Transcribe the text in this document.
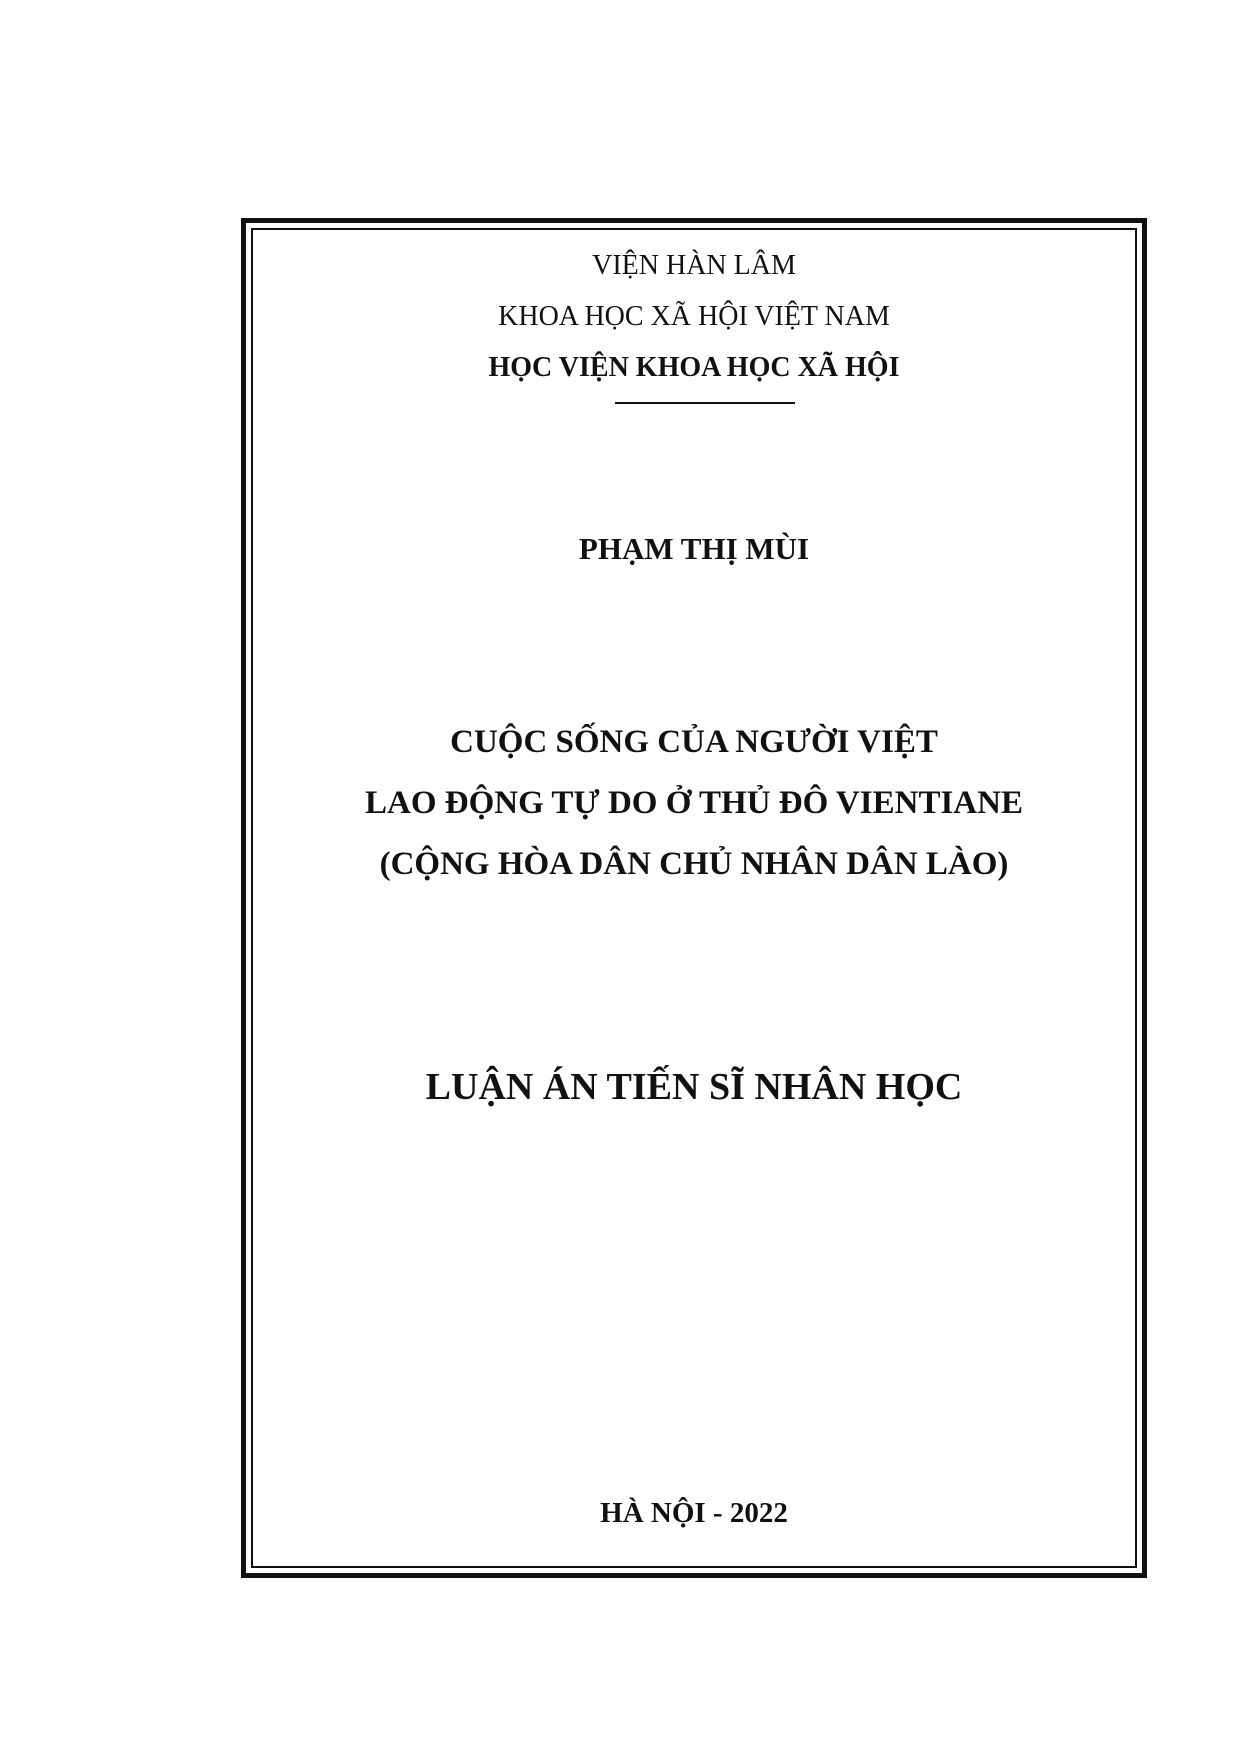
VIỆN HÀN LÂM
KHOA HỌC XÃ HỘI VIỆT NAM
HỌC VIỆN KHOA HỌC XÃ HỘI
PHẠM THỊ MÙI
CUỘC SỐNG CỦA NGƯỜI VIỆT
LAO ĐỘNG TỰ DO Ở THỦ ĐÔ VIENTIANE
(CỘNG HÒA DÂN CHỦ NHÂN DÂN LÀO)
LUẬN ÁN TIẾN SĨ NHÂN HỌC
HÀ NỘI - 2022
